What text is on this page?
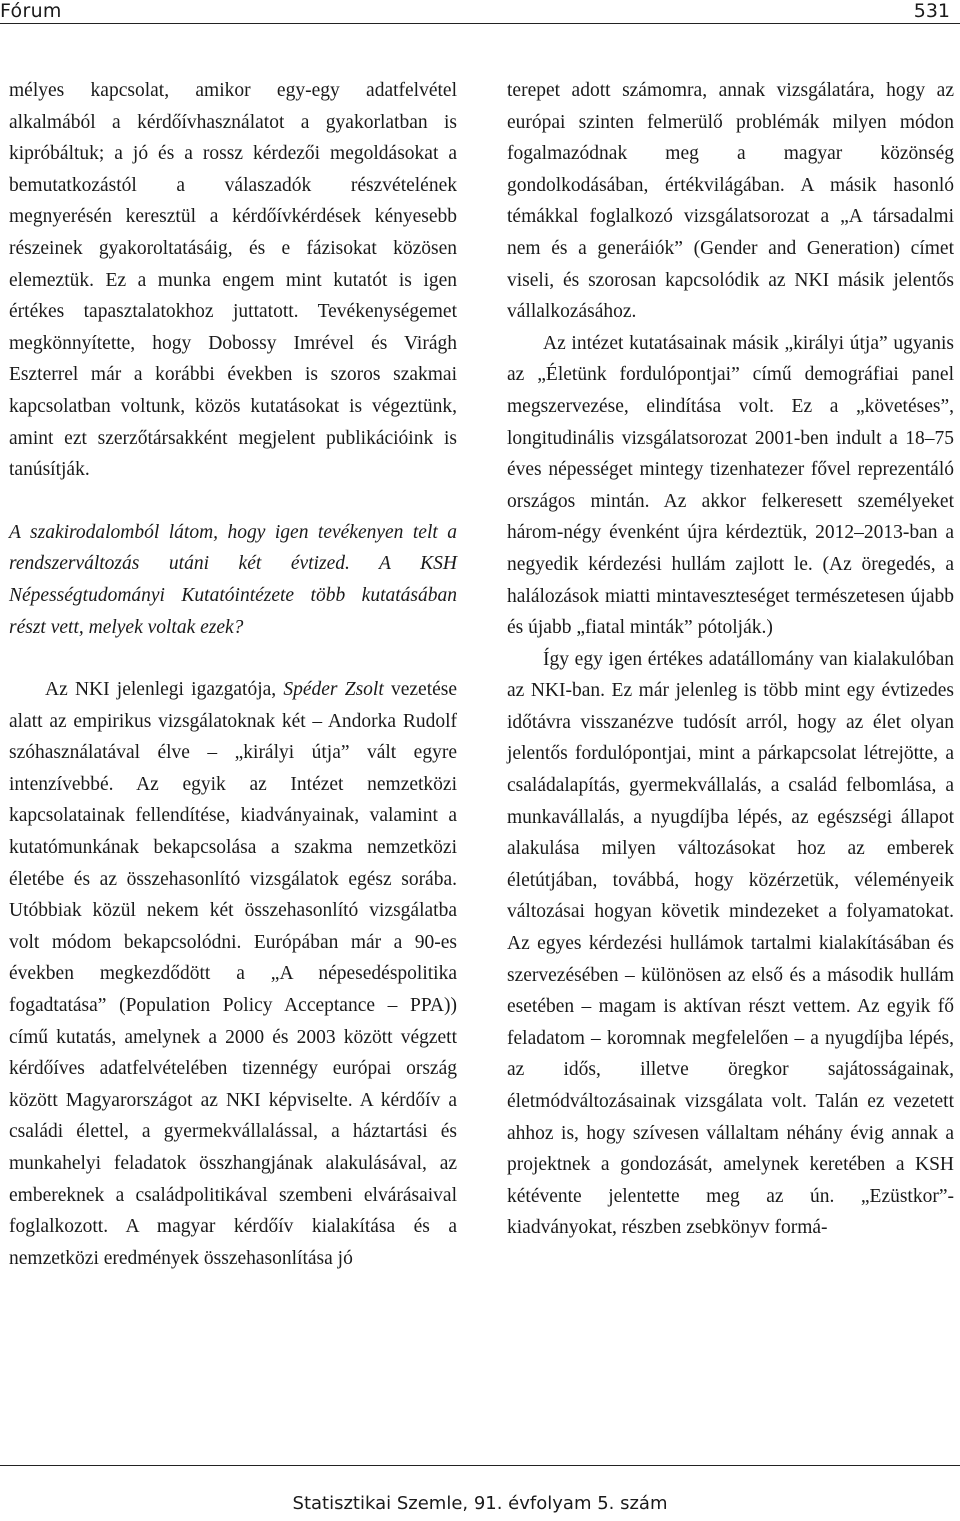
Fórum	531

mélyes kapcsolat, amikor egy-egy adatfelvétel alkalmából a kérdőívhasználatot a gyakorlatban is kipróbáltuk; a jó és a rossz kérdezői megoldásokat a bemutatkozástól a válaszadók részvételének megnyerésén keresztül a kérdőívkérdések kényesebb részeinek gyakoroltatásáig, és e fázisokat közösen elemeztük. Ez a munka engem mint kutatót is igen értékes tapasztalatokhoz juttatott. Tevékenységemet megkönnyítette, hogy Dobossy Imrével és Virágh Eszterrel már a korábbi években is szoros szakmai kapcsolatban voltunk, közös kutatásokat is végeztünk, amint ezt szerzőtársakként megjelent publikációink is tanúsítják.

A szakirodalomból látom, hogy igen tevékenyen telt a rendszerváltozás utáni két évtized. A KSH Népességtudományi Kutatóintézete több kutatásában részt vett, melyek voltak ezek?

Az NKI jelenlegi igazgatója, Spéder Zsolt vezetése alatt az empirikus vizsgálatoknak két – Andorka Rudolf szóhasználatával élve – „királyi útja” vált egyre intenzívebbé. Az egyik az Intézet nemzetközi kapcsolatainak fellendítése, kiadványainak, valamint a kutatómunkának bekapcsolása a szakma nemzetközi életébe és az összehasonlító vizsgálatok egész sorába. Utóbbiak közül nekem két összehasonlító vizsgálatba volt módom bekapcsolódni. Európában már a 90-es években megkezdődött a „A népesedéspolitika fogadtatása” (Population Policy Acceptance – PPA)) című kutatás, amelynek a 2000 és 2003 között végzett kérdőíves adatfelvételében tizennégy európai ország között Magyarországot az NKI képviselte. A kérdőív a családi élettel, a gyermekvállalással, a háztartási és munkahelyi feladatok összhangjának alakulásával, az embereknek a családpolitikával szembeni elvárásaival foglalkozott. A magyar kérdőív kialakítása és a nemzetközi eredmények összehasonlítása jó

terepet adott számomra, annak vizsgálatára, hogy az európai szinten felmerülő problémák milyen módon fogalmazódnak meg a magyar közönség gondolkodásában, értékvilágában. A másik hasonló témákkal foglalkozó vizsgálatsorozat a „A társadalmi nem és a generáiók” (Gender and Generation) címet viseli, és szorosan kapcsolódik az NKI másik jelentős vállalkozásához.

Az intézet kutatásainak másik „királyi útja” ugyanis az „Életünk fordulópontjai” című demográfiai panel megszervezése, elindítása volt. Ez a „követéses”, longitudinális vizsgálatsorozat 2001-ben indult a 18–75 éves népességet mintegy tizenhatezer fővel reprezentáló országos mintán. Az akkor felkeresett személyeket három-négy évenként újra kérdeztük, 2012–2013-ban a negyedik kérdezési hullám zajlott le. (Az öregedés, a halálozások miatti mintaveszteséget természetesen újabb és újabb „fiatal minták” pótolják.)

Így egy igen értékes adatállomány van kialakulóban az NKI-ban. Ez már jelenleg is több mint egy évtizedes időtávra visszanézve tudósít arról, hogy az élet olyan jelentős fordulópontjai, mint a párkapcsolat létrejötte, a családalapítás, gyermekvállalás, a család felbomlása, a munkavállalás, a nyugdíjba lépés, az egészségi állapot alakulása milyen változásokat hoz az emberek életútjában, továbbá, hogy közérzetük, véleményeik változásai hogyan követik mindezeket a folyamatokat. Az egyes kérdezési hullámok tartalmi kialakításában és szervezésében – különösen az első és a második hullám esetében – magam is aktívan részt vettem. Az egyik fő feladatom – koromnak megfelelően – a nyugdíjba lépés, az idős, illetve öregkor sajátosságainak, életmódváltozásainak vizsgálata volt. Talán ez vezetett ahhoz is, hogy szívesen vállaltam néhány évig annak a projektnek a gondozását, amelynek keretében a KSH kétévente jelentette meg az ún. „Ezüstkor”-kiadványokat, részben zsebkönyv formá-

Statisztikai Szemle, 91. évfolyam 5. szám
